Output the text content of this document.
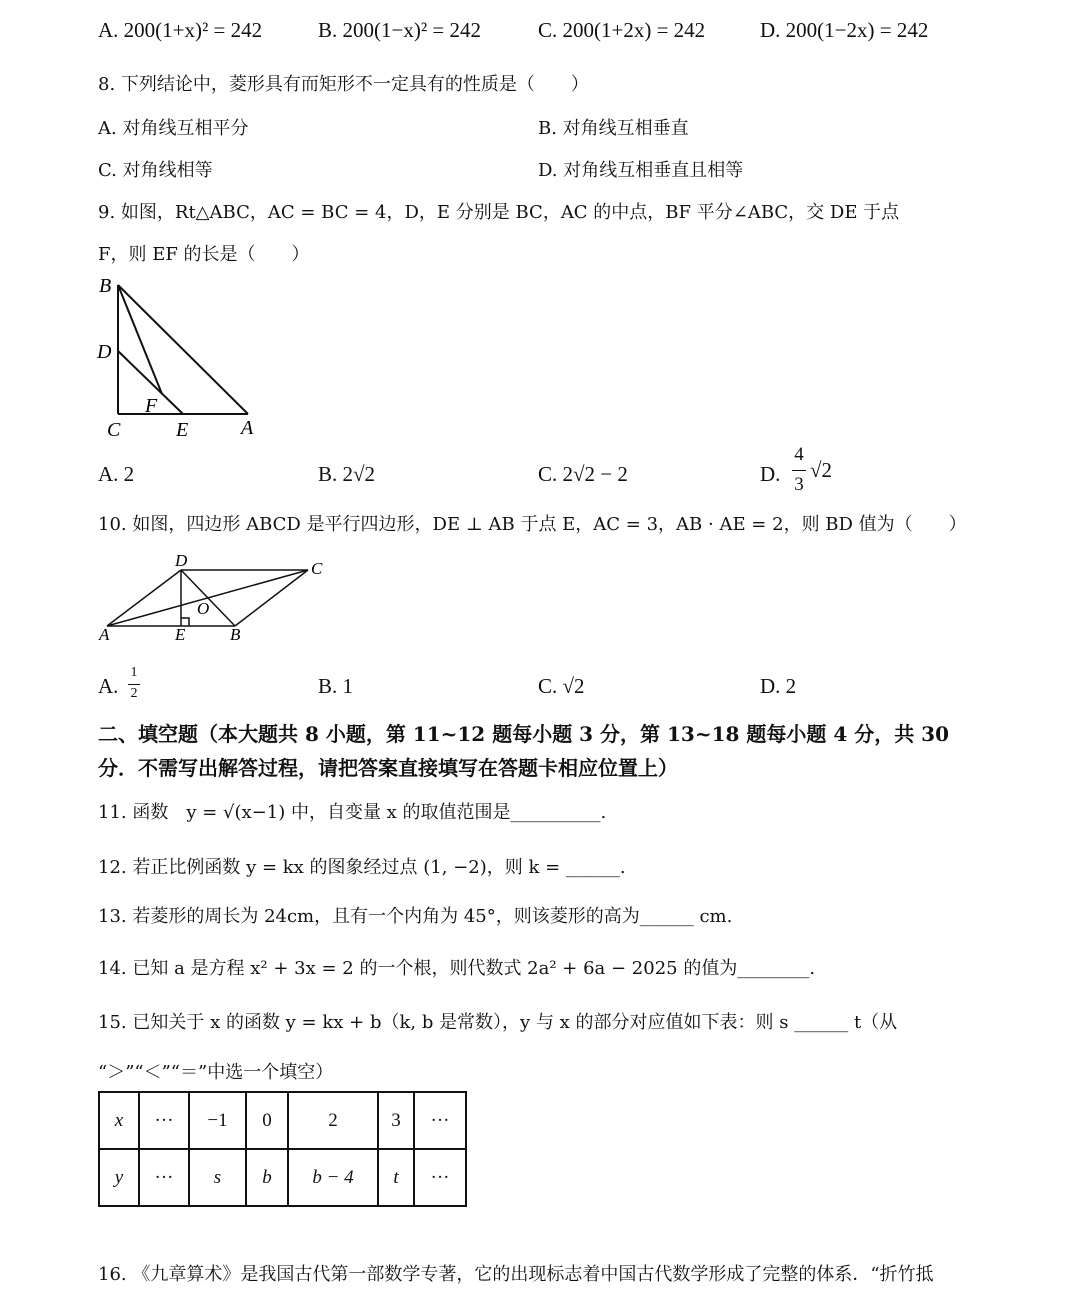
A. 200(1+x)² = 242	B. 200(1−x)² = 242	C. 200(1+2x) = 242	D. 200(1−2x) = 242
8. 下列结论中，菱形具有而矩形不一定具有的性质是（　　）
A. 对角线互相平分	B. 对角线互相垂直
C. 对角线相等	D. 对角线互相垂直且相等
9. 如图，Rt△ABC，AC = BC = 4，D，E 分别是 BC，AC 的中点，BF 平分∠ABC，交 DE 于点
F，则 EF 的长是（　　）
B
D
F
C	E	A
A. 2	B. 2√2	C. 2√2 − 2	D.
4
3
√2
10. 如图，四边形 ABCD 是平行四边形，DE ⊥ AB 于点 E，AC = 3，AB · AE = 2，则 BD 值为（　　）
D	C
O
A	E	B
A.
1
2	B. 1	C. √2	D. 2
二、填空题（本大题共 8 小题，第 11~12 题每小题 3 分，第 13~18 题每小题 4 分，共 30
分．不需写出解答过程，请把答案直接填写在答题卡相应位置上）
11. 函数　y = √(x−1) 中，自变量 x 的取值范围是__________.
12. 若正比例函数 y = kx 的图象经过点 (1, −2)，则 k = ______.
13. 若菱形的周长为 24cm，且有一个内角为 45°，则该菱形的高为______ cm.
14. 已知 a 是方程 x² + 3x = 2 的一个根，则代数式 2a² + 6a − 2025 的值为________.
15. 已知关于 x 的函数 y = kx + b（k, b 是常数），y 与 x 的部分对应值如下表：则 s ______ t（从
“＞”“＜”“＝”中选一个填空）
x	···	−1	0	2	3	···
y	···	s	b	b − 4	t	···
16. 《九章算术》是我国古代第一部数学专著，它的出现标志着中国古代数学形成了完整的体系．“折竹抵
